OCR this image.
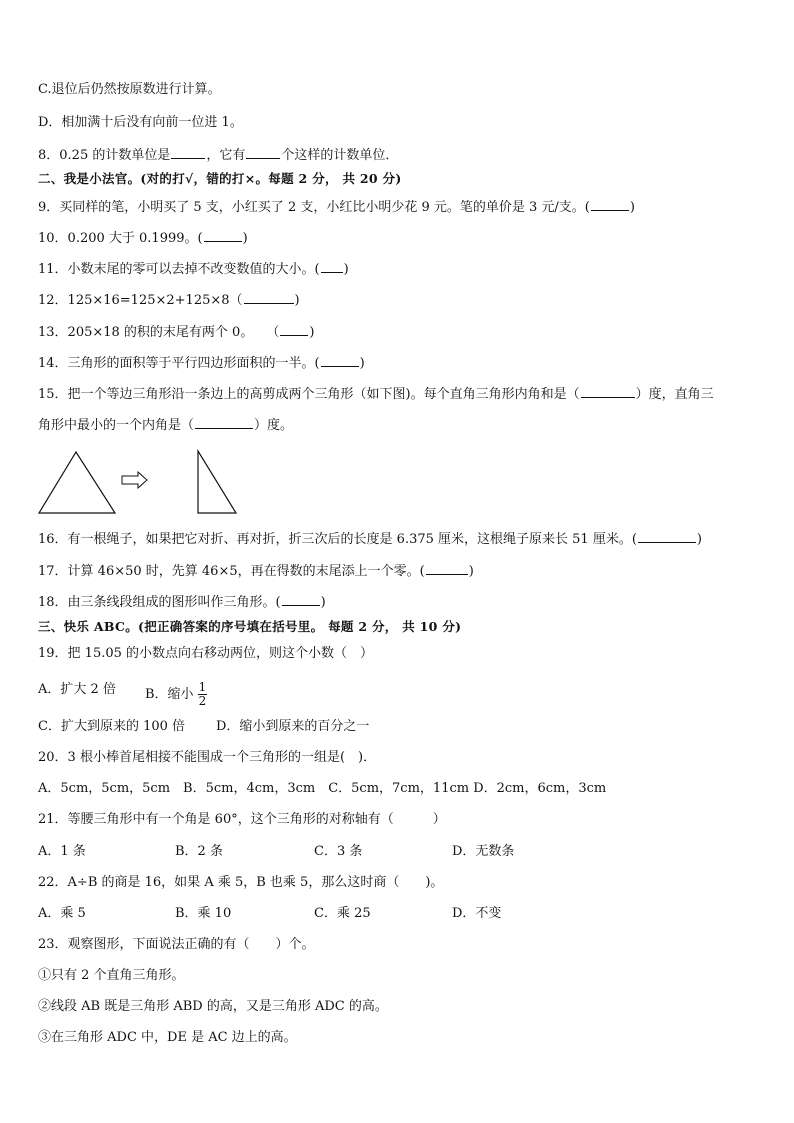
C.退位后仍然按原数进行计算。
D．相加满十后没有向前一位进 1。
8．0.25 的计数单位是	，它有	个这样的计数单位．
二、我是小法官。(对的打√，错的打×。每题 2 分， 共 20 分)
9．买同样的笔，小明买了 5 支，小红买了 2 支，小红比小明少花 9 元。笔的单价是 3 元/支。(	)
10．0.200 大于 0.1999。(	)
11．小数末尾的零可以去掉不改变数值的大小。( )
12．125×16=125×2+125×8（	)
13．205×18 的积的末尾有两个 0。　　（ )
14．三角形的面积等于平行四边形面积的一半。(	)
15．把一个等边三角形沿一条边上的高剪成两个三角形（如下图)。每个直角三角形内角和是（	）度，直角三
角形中最小的一个内角是（	）度。
16．有一根绳子，如果把它对折、再对折，折三次后的长度是 6.375 厘米，这根绳子原来长 51 厘米。(	)
17．计算 46×50 时，先算 46×5，再在得数的末尾添上一个零。(	)
18．由三条线段组成的图形叫作三角形。(	)
三、快乐 ABC。(把正确答案的序号填在括号里。 每题 2 分， 共 10 分)
19．把 15.05 的小数点向右移动两位，则这个小数（　）
A．扩大 2 倍 B．缩小 $\frac{1}{2}$
C．扩大到原来的 100 倍 D．缩小到原来的百分之一
20．3 根小棒首尾相接不能围成一个三角形的一组是(　)．
A．5cm，5cm，5cm　B．5cm，4cm，3cm　C．5cm，7cm，11cm D．2cm，6cm，3cm
21．等腰三角形中有一个角是 60°，这个三角形的对称轴有（　　　）
A．1 条	B．2 条	C．3 条	D．无数条
22．A÷B 的商是 16，如果 A 乘 5，B 也乘 5，那么这时商（　　)。
A．乘 5	B．乘 10	C．乘 25	D．不变
23．观察图形，下面说法正确的有（　　）个。
①只有 2 个直角三角形。
②线段 AB 既是三角形 ABD 的高，又是三角形 ADC 的高。
③在三角形 ADC 中，DE 是 AC 边上的高。
